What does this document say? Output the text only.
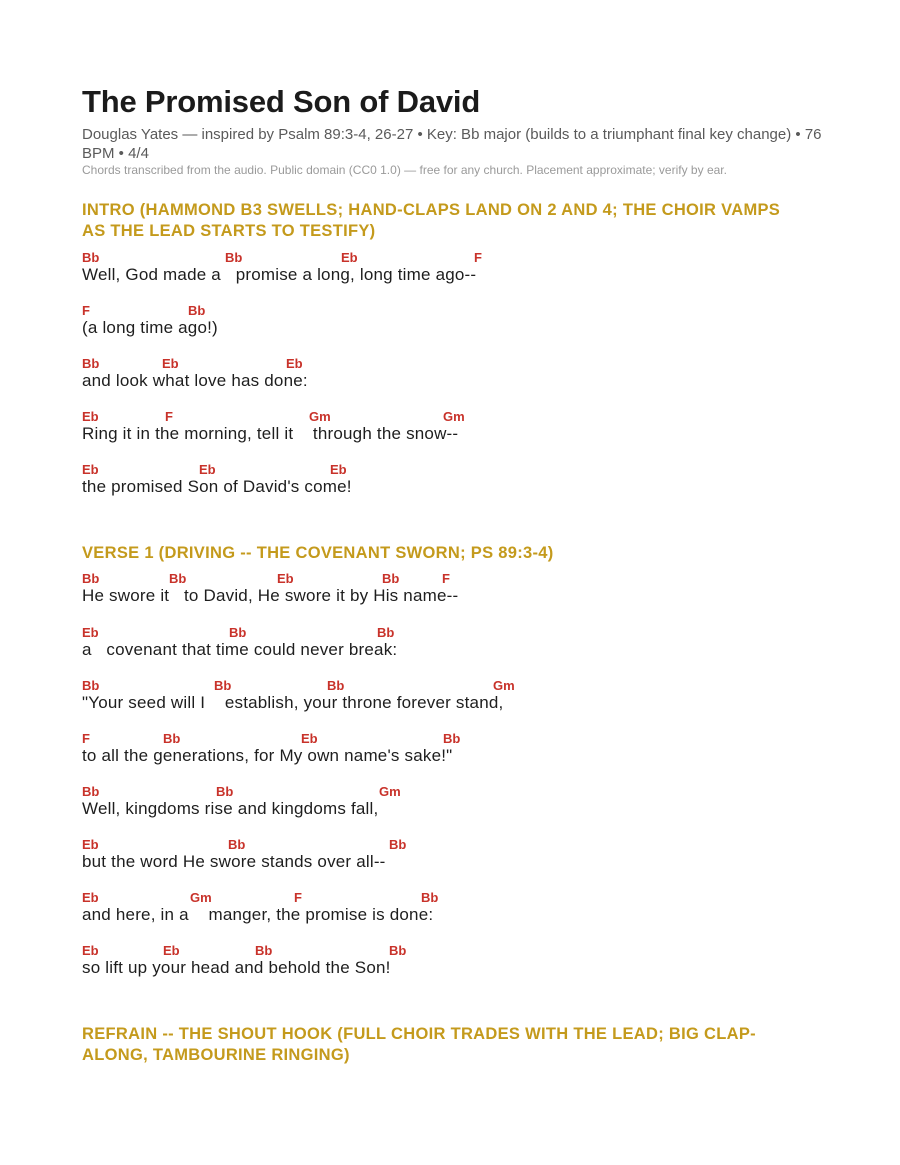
The Promised Son of David
Douglas Yates — inspired by Psalm 89:3-4, 26-27 • Key: Bb major (builds to a triumphant final key change) • 76 BPM • 4/4
Chords transcribed from the audio. Public domain (CC0 1.0) — free for any church. Placement approximate; verify by ear.
INTRO (HAMMOND B3 SWELLS; HAND-CLAPS LAND ON 2 AND 4; THE CHOIR VAMPS AS THE LEAD STARTS TO TESTIFY)
Bb	Bb	Eb	F
Well, God made a   promise a long, long time ago--
F	Bb
(a long time ago!)
Bb	Eb	Eb
and look what love has done:
Eb	F	Gm	Gm
Ring it in the morning, tell it    through the snow--
Eb	Eb	Eb
the promised Son of David's come!
VERSE 1 (DRIVING -- THE COVENANT SWORN; PS 89:3-4)
Bb	Bb	Eb	Bb	F
He swore it   to David, He swore it by His name--
Eb	Bb	Bb
a   covenant that time could never break:
Bb	Bb	Bb	Gm
"Your seed will I    establish, your throne forever stand,
F	Bb	Eb	Bb
to all the generations, for My own name's sake!"
Bb	Bb	Gm
Well, kingdoms rise and kingdoms fall,
Eb	Bb	Bb
but the word He swore stands over all--
Eb	Gm	F	Bb
and here, in a    manger, the promise is done:
Eb	Eb	Bb	Bb
so lift up your head and behold the Son!
REFRAIN -- THE SHOUT HOOK (FULL CHOIR TRADES WITH THE LEAD; BIG CLAP-ALONG, TAMBOURINE RINGING)
